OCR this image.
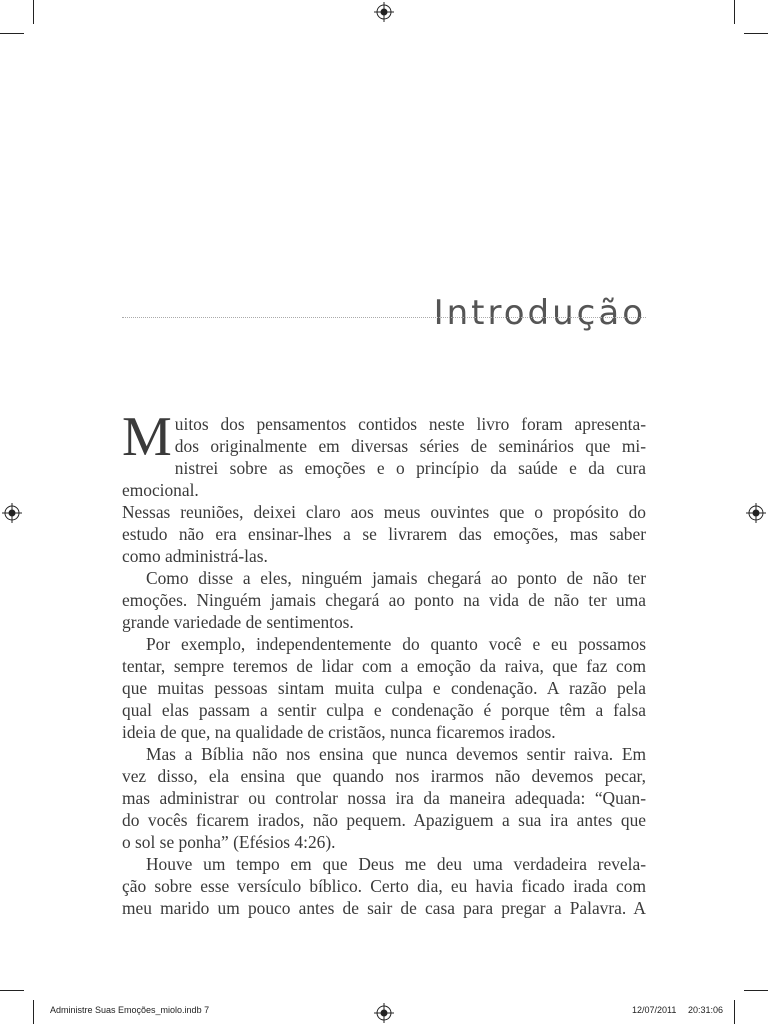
Introdução
M uitos dos pensamentos contidos neste livro foram apresenta-

dos originalmente em diversas séries de seminários que mi-

nistrei sobre as emoções e o princípio da saúde e da cura emocional.

Nessas reuniões, deixei claro aos meus ouvintes que o propósito do

estudo não era ensinar-lhes a se livrarem das emoções, mas saber

como administrá-las.

Como disse a eles, ninguém jamais chegará ao ponto de não ter

emoções. Ninguém jamais chegará ao ponto na vida de não ter uma

grande variedade de sentimentos.

Por exemplo, independentemente do quanto você e eu possamos

tentar, sempre teremos de lidar com a emoção da raiva, que faz com

que muitas pessoas sintam muita culpa e condenação. A razão pela

qual elas passam a sentir culpa e condenação é porque têm a falsa

ideia de que, na qualidade de cristãos, nunca ficaremos irados.

Mas a Bíblia não nos ensina que nunca devemos sentir raiva. Em

vez disso, ela ensina que quando nos irarmos não devemos pecar,

mas administrar ou controlar nossa ira da maneira adequada: “Quan-

do vocês ficarem irados, não pequem. Apaziguem a sua ira antes que

o sol se ponha” (Efésios 4:26).

Houve um tempo em que Deus me deu uma verdadeira revela-

ção sobre esse versículo bíblico. Certo dia, eu havia ficado irada com

meu marido um pouco antes de sair de casa para pregar a Palavra. A

Administre Suas Emoções_miolo.indb 7	12/07/2011 20:31:06
